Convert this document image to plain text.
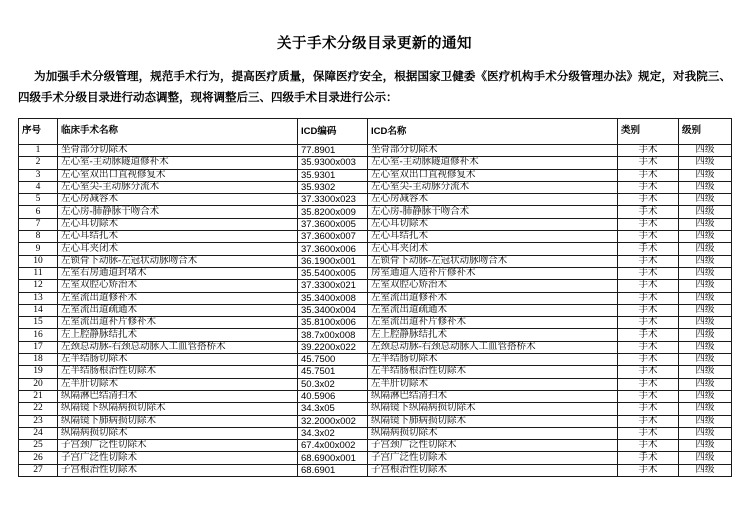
关于手术分级目录更新的通知
为加强手术分级管理，规范手术行为，提高医疗质量，保障医疗安全，根据国家卫健委《医疗机构手术分级管理办法》规定，对我院三、四级手术分级目录进行动态调整，现将调整后三、四级手术目录进行公示：
序号	临床手术名称	ICD编码	ICD名称	类别	级别
1	坐骨部分切除术	77.8901	坐骨部分切除术	手术	四级
2	左心室-主动脉隧道修补术	35.9300x003	左心室-主动脉隧道修补术	手术	四级
3	左心室双出口直视修复术	35.9301	左心室双出口直视修复术	手术	四级
4	左心室尖-主动脉分流术	35.9302	左心室尖-主动脉分流术	手术	四级
5	左心房减容术	37.3300x023	左心房减容术	手术	四级
6	左心房-肺静脉干吻合术	35.8200x009	左心房-肺静脉干吻合术	手术	四级
7	左心耳切除术	37.3600x005	左心耳切除术	手术	四级
8	左心耳结扎术	37.3600x007	左心耳结扎术	手术	四级
9	左心耳夹闭术	37.3600x006	左心耳夹闭术	手术	四级
10	左锁骨下动脉-左冠状动脉吻合术	36.1900x001	左锁骨下动脉-左冠状动脉吻合术	手术	四级
11	左室右房通道封堵术	35.5400x005	房室通道人造补片修补术	手术	四级
12	左室双腔心矫治术	37.3300x021	左室双腔心矫治术	手术	四级
13	左室流出道修补术	35.3400x008	左室流出道修补术	手术	四级
14	左室流出道疏通术	35.3400x004	左室流出道疏通术	手术	四级
15	左室流出道补片修补术	35.8100x006	左室流出道补片修补术	手术	四级
16	左上腔静脉结扎术	38.7x00x008	左上腔静脉结扎术	手术	四级
17	左颈总动脉-右颈总动脉人工血管搭桥术	39.2200x022	左颈总动脉-右颈总动脉人工血管搭桥术	手术	四级
18	左半结肠切除术	45.7500	左半结肠切除术	手术	四级
19	左半结肠根治性切除术	45.7501	左半结肠根治性切除术	手术	四级
20	左半肝切除术	50.3x02	左半肝切除术	手术	四级
21	纵隔淋巴结清扫术	40.5906	纵隔淋巴结清扫术	手术	四级
22	纵隔镜下纵隔病损切除术	34.3x05	纵隔镜下纵隔病损切除术	手术	四级
23	纵隔镜下肺病损切除术	32.2000x002	纵隔镜下肺病损切除术	手术	四级
24	纵隔病损切除术	34.3x02	纵隔病损切除术	手术	四级
25	子宫颈广泛性切除术	67.4x00x002	子宫颈广泛性切除术	手术	四级
26	子宫广泛性切除术	68.6900x001	子宫广泛性切除术	手术	四级
27	子宫根治性切除术	68.6901	子宫根治性切除术	手术	四级
